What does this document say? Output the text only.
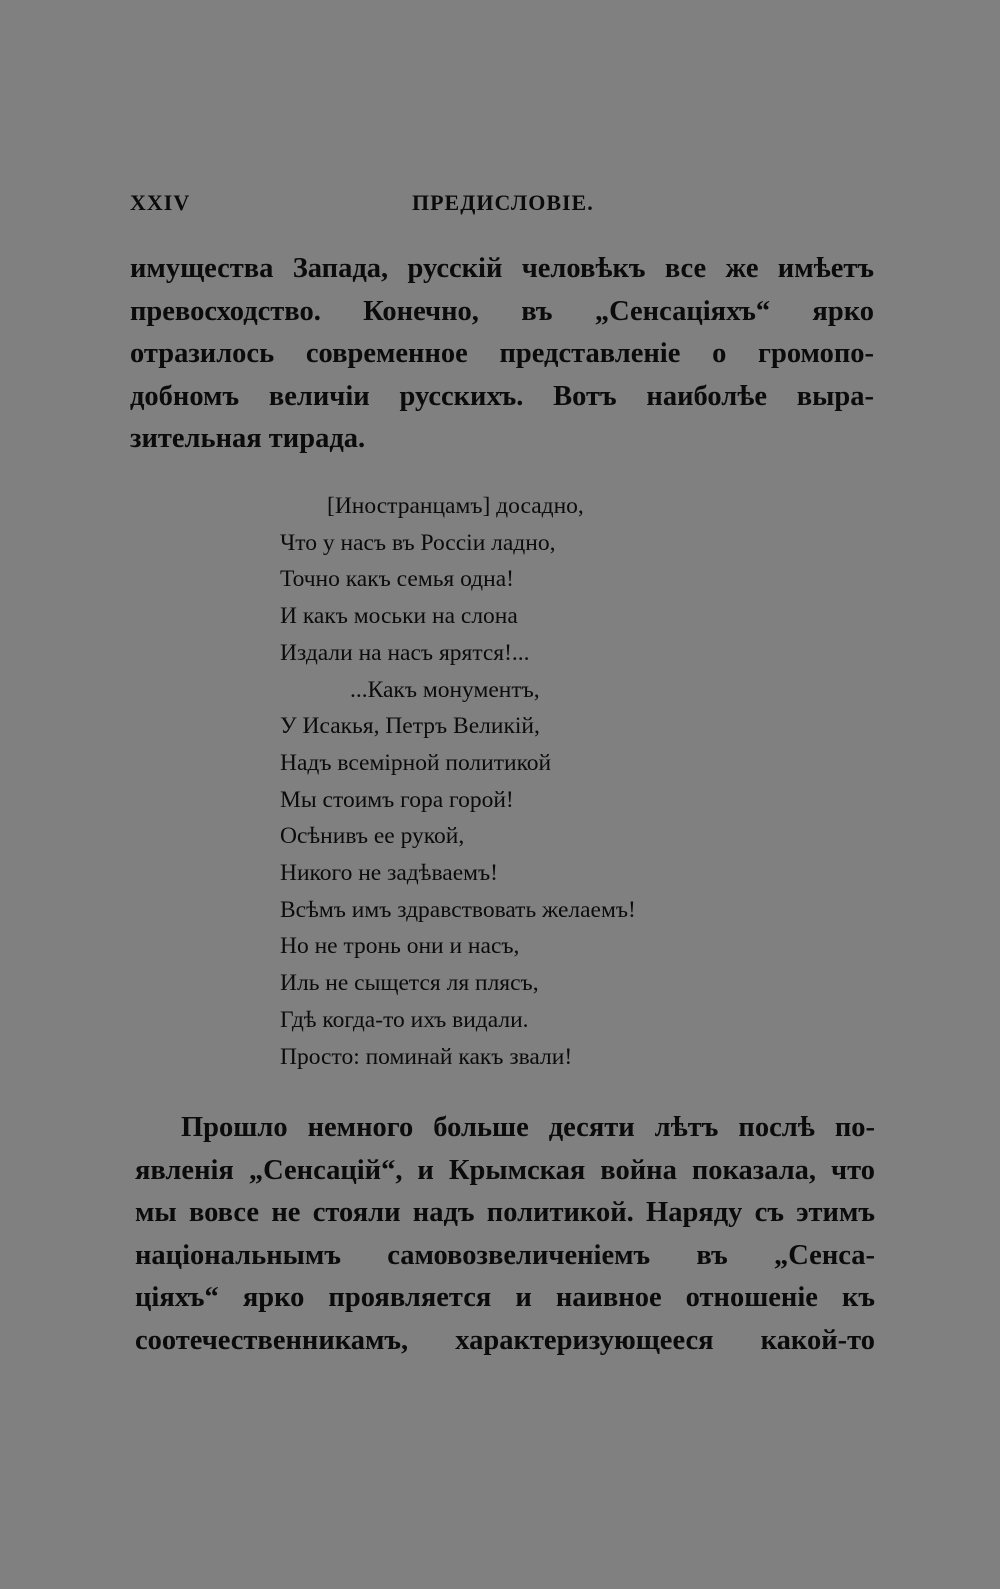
XXIV	ПРЕДИСЛОВІЕ.

имущества Запада, русскій человѣкъ все же имѣетъ
превосходство. Конечно, въ „Сенсаціяхъ“ ярко
отразилось современное представленіе о громопо-
добномъ величіи русскихъ. Вотъ наиболѣе выра-
зительная тирада.

[Иностранцамъ] досадно,
Что у насъ въ Россіи ладно,
Точно какъ семья одна!
И какъ моськи на слона
Издали на насъ ярятся!...
...Какъ монументъ,
У Исакья, Петръ Великій,
Надъ всемірной политикой
Мы стоимъ гора горой!
Осѣнивъ ее рукой,
Никого не задѣваемъ!
Всѣмъ имъ здравствовать желаемъ!
Но не тронь они и насъ,
Иль не сыщется ля плясъ,
Гдѣ когда-то ихъ видали.
Просто: поминай какъ звали!

Прошло немного больше десяти лѣтъ послѣ по-
явленія „Сенсацій“, и Крымская война показала, что
мы вовсе не стояли надъ политикой. Наряду съ этимъ
національнымъ самовозвеличеніемъ въ „Сенса-
ціяхъ“ ярко проявляется и наивное отношеніе къ
соотечественникамъ, характеризующееся какой-то
